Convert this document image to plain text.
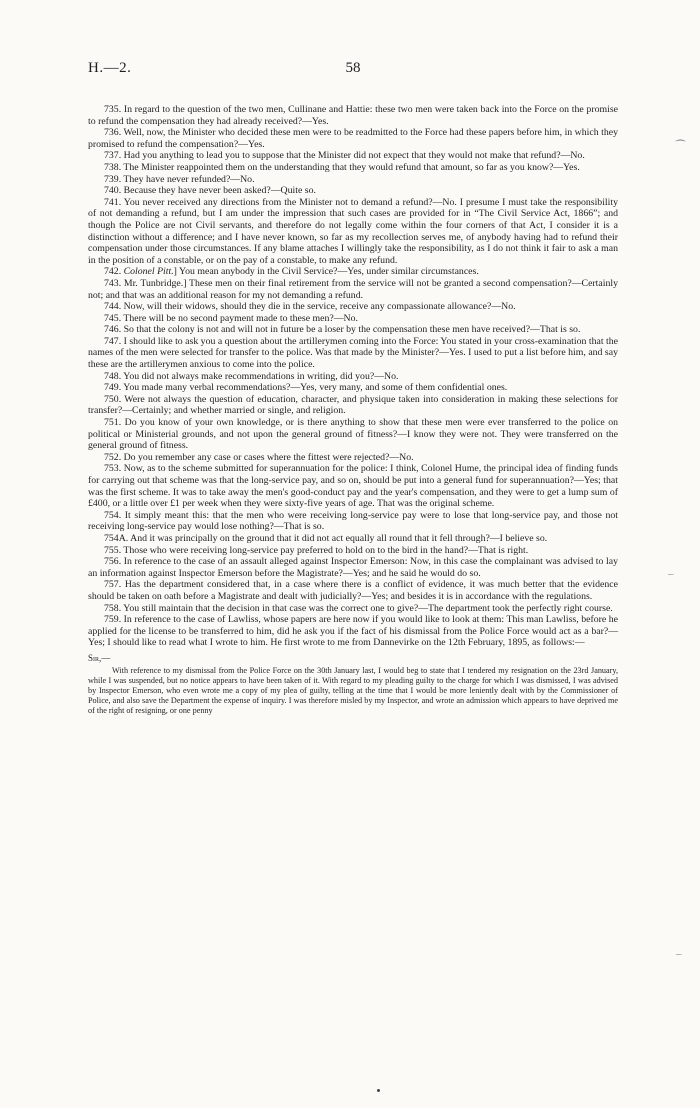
H.—2.	58

735. In regard to the question of the two men, Cullinane and Hattie: these two men were taken back into the Force on the promise to refund the compensation they had already received?—Yes.

736. Well, now, the Minister who decided these men were to be readmitted to the Force had these papers before him, in which they promised to refund the compensation?—Yes.

737. Had you anything to lead you to suppose that the Minister did not expect that they would not make that refund?—No.

738. The Minister reappointed them on the understanding that they would refund that amount, so far as you know?—Yes.

739. They have never refunded?—No.

740. Because they have never been asked?—Quite so.

741. You never received any directions from the Minister not to demand a refund?—No. I presume I must take the responsibility of not demanding a refund, but I am under the impression that such cases are provided for in “The Civil Service Act, 1866”; and though the Police are not Civil servants, and therefore do not legally come within the four corners of that Act, I consider it is a distinction without a difference; and I have never known, so far as my recollection serves me, of anybody having had to refund their compensation under those circumstances. If any blame attaches I willingly take the responsibility, as I do not think it fair to ask a man in the position of a constable, or on the pay of a constable, to make any refund.

742. Colonel Pitt.] You mean anybody in the Civil Service?—Yes, under similar circumstances.

743. Mr. Tunbridge.] These men on their final retirement from the service will not be granted a second compensation?—Certainly not; and that was an additional reason for my not demanding a refund.

744. Now, will their widows, should they die in the service, receive any compassionate allowance?—No.

745. There will be no second payment made to these men?—No.

746. So that the colony is not and will not in future be a loser by the compensation these men have received?—That is so.

747. I should like to ask you a question about the artillerymen coming into the Force: You stated in your cross-examination that the names of the men were selected for transfer to the police. Was that made by the Minister?—Yes. I used to put a list before him, and say these are the artillerymen anxious to come into the police.

748. You did not always make recommendations in writing, did you?—No.

749. You made many verbal recommendations?—Yes, very many, and some of them confidential ones.

750. Were not always the question of education, character, and physique taken into consideration in making these selections for transfer?—Certainly; and whether married or single, and religion.

751. Do you know of your own knowledge, or is there anything to show that these men were ever transferred to the police on political or Ministerial grounds, and not upon the general ground of fitness?—I know they were not. They were transferred on the general ground of fitness.

752. Do you remember any case or cases where the fittest were rejected?—No.

753. Now, as to the scheme submitted for superannuation for the police: I think, Colonel Hume, the principal idea of finding funds for carrying out that scheme was that the long-service pay, and so on, should be put into a general fund for superannuation?—Yes; that was the first scheme. It was to take away the men's good-conduct pay and the year's compensation, and they were to get a lump sum of £400, or a little over £1 per week when they were sixty-five years of age. That was the original scheme.

754. It simply meant this: that the men who were receiving long-service pay were to lose that long-service pay, and those not receiving long-service pay would lose nothing?—That is so.

754A. And it was principally on the ground that it did not act equally all round that it fell through?—I believe so.

755. Those who were receiving long-service pay preferred to hold on to the bird in the hand?—That is right.

756. In reference to the case of an assault alleged against Inspector Emerson: Now, in this case the complainant was advised to lay an information against Inspector Emerson before the Magistrate?—Yes; and he said he would do so.

757. Has the department considered that, in a case where there is a conflict of evidence, it was much better that the evidence should be taken on oath before a Magistrate and dealt with judicially?—Yes; and besides it is in accordance with the regulations.

758. You still maintain that the decision in that case was the correct one to give?—The department took the perfectly right course.

759. In reference to the case of Lawliss, whose papers are here now if you would like to look at them: This man Lawliss, before he applied for the license to be transferred to him, did he ask you if the fact of his dismissal from the Police Force would act as a bar?—Yes; I should like to read what I wrote to him. He first wrote to me from Dannevirke on the 12th February, 1895, as follows:—

Sir,—

With reference to my dismissal from the Police Force on the 30th January last, I would beg to state that I tendered my resignation on the 23rd January, while I was suspended, but no notice appears to have been taken of it. With regard to my pleading guilty to the charge for which I was dismissed, I was advised by Inspector Emerson, who even wrote me a copy of my plea of guilty, telling at the time that I would be more leniently dealt with by the Commissioner of Police, and also save the Department the expense of inquiry. I was therefore misled by my Inspector, and wrote an admission which appears to have deprived me of the right of resigning, or one penny

⁀
–
–
